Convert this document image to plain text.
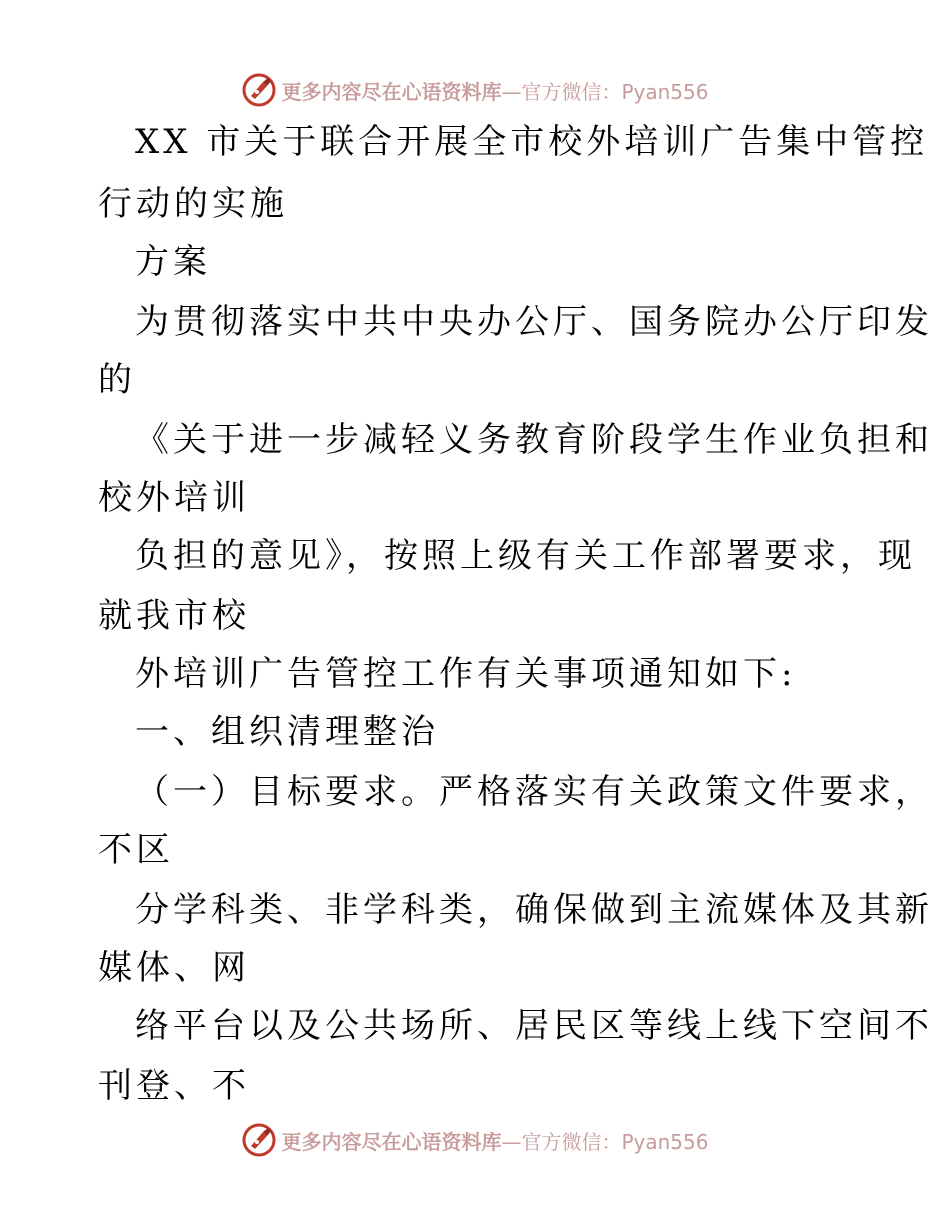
更多内容尽在心语资料库—官方微信：Pyan556
XX 市关于联合开展全市校外培训广告集中管控
行动的实施
方案
为贯彻落实中共中央办公厅、国务院办公厅印发
的
《关于进一步减轻义务教育阶段学生作业负担和
校外培训
负担的意见》，按照上级有关工作部署要求，现
就我市校
外培训广告管控工作有关事项通知如下:
一、组织清理整治
（一）目标要求。严格落实有关政策文件要求，
不区
分学科类、非学科类，确保做到主流媒体及其新
媒体、网
络平台以及公共场所、居民区等线上线下空间不
刊登、不
更多内容尽在心语资料库—官方微信：Pyan556
